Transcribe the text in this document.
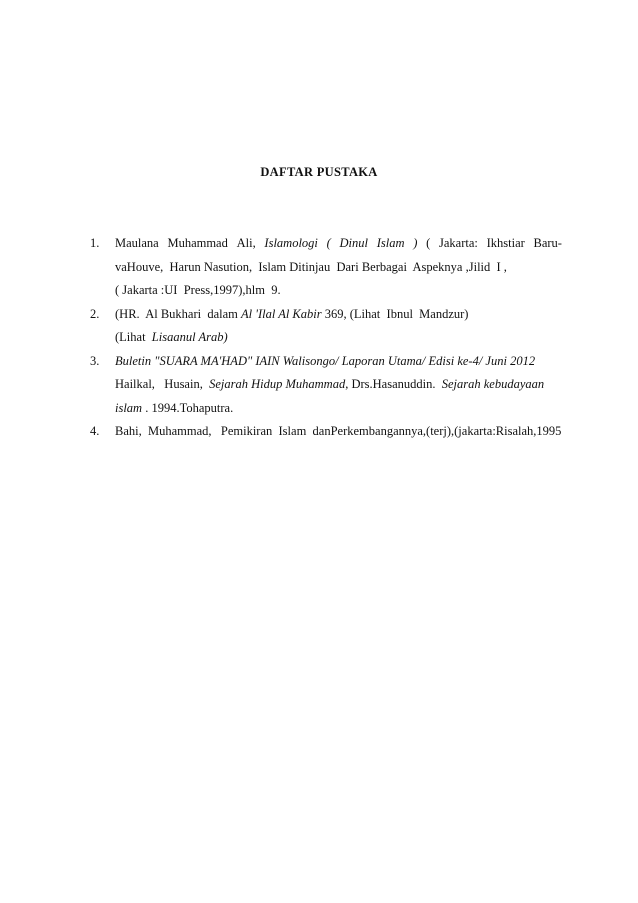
DAFTAR PUSTAKA
1. Maulana Muhammad Ali, Islamologi ( Dinul Islam ) ( Jakarta: Ikhstiar Baru-
vaHouve,  Harun Nasution,  Islam Ditinjau  Dari Berbagai  Aspeknya ,Jilid  I ,
( Jakarta :UI  Press,1997),hlm  9.
2. (HR.  Al Bukhari  dalam Al 'Ilal Al Kabir 369, (Lihat  Ibnul  Mandzur)
(Lihat  Lisaanul Arab)
3. Buletin "SUARA MA'HAD" IAIN Walisongo/ Laporan Utama/ Edisi ke-4/ Juni 2012
Hailkal,   Husain,  Sejarah Hidup Muhammad, Drs.Hasanuddin.  Sejarah kebudayaan
islam . 1994.Tohaputra.
4. Bahi,  Muhammad,   Pemikiran  Islam  danPerkembangannya,(terj),(jakarta:Risalah,1995
